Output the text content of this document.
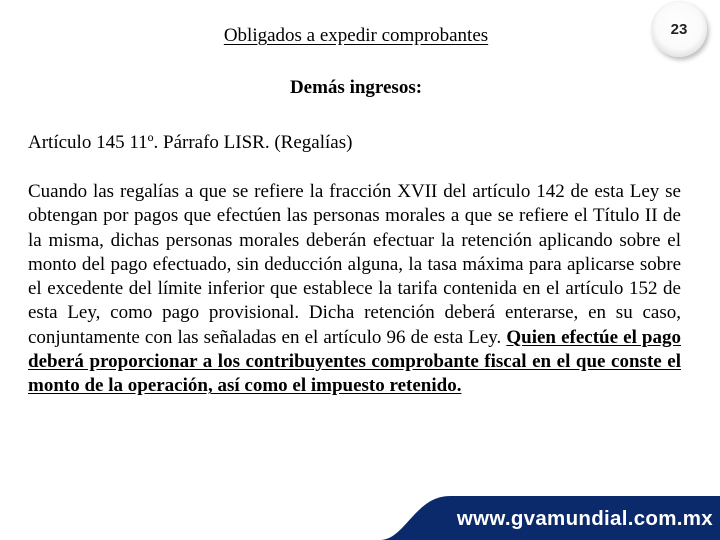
Obligados a expedir comprobantes	23
Demás ingresos:
Artículo 145 11º. Párrafo LISR. (Regalías)
Cuando las regalías a que se refiere la fracción XVII del artículo 142 de esta Ley se obtengan por pagos que efectúen las personas morales a que se refiere el Título II de la misma, dichas personas morales deberán efectuar la retención aplicando sobre el monto del pago efectuado, sin deducción alguna, la tasa máxima para aplicarse sobre el excedente del límite inferior que establece la tarifa contenida en el artículo 152 de esta Ley, como pago provisional. Dicha retención deberá enterarse, en su caso, conjuntamente con las señaladas en el artículo 96 de esta Ley. Quien efectúe el pago deberá proporcionar a los contribuyentes comprobante fiscal en el que conste el monto de la operación, así como el impuesto retenido.
www.gvamundial.com.mx
